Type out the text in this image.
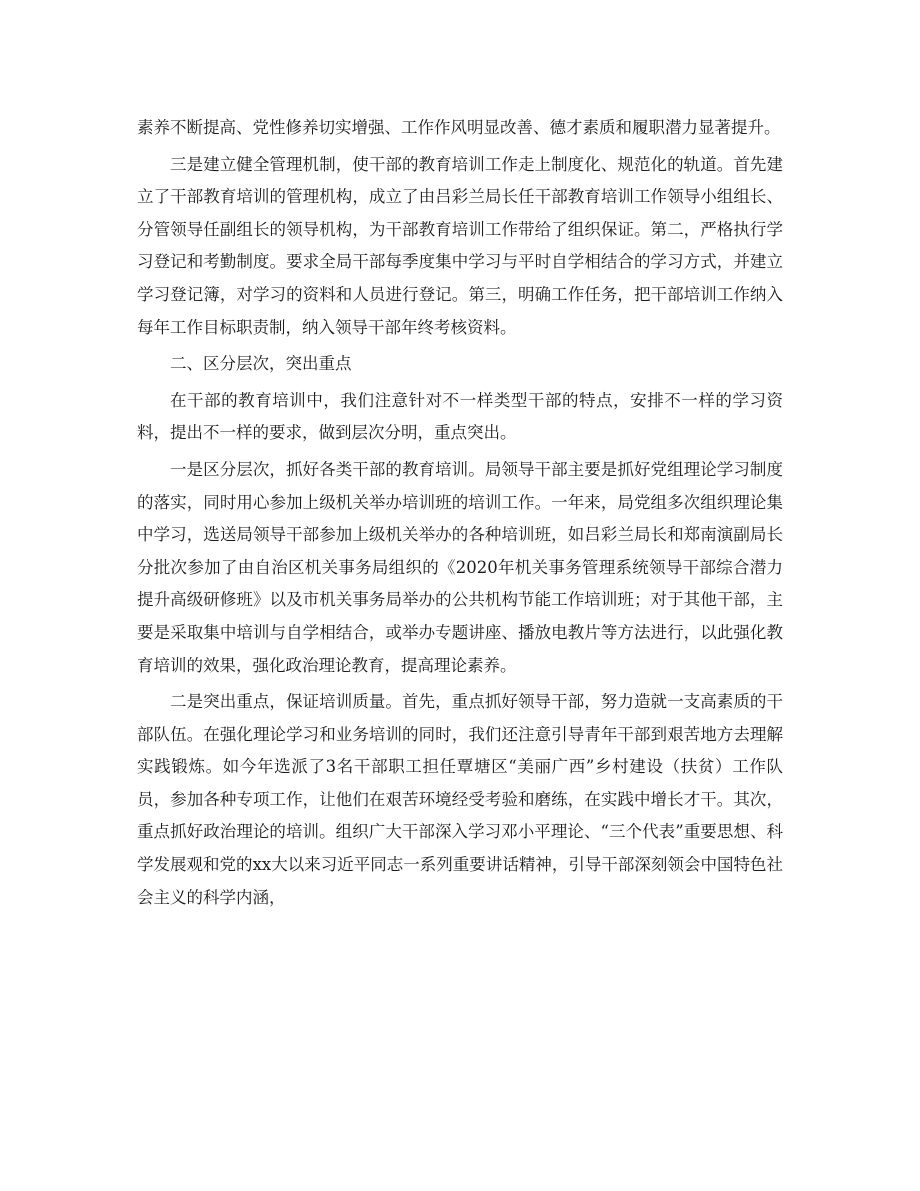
素养不断提高、党性修养切实增强、工作作风明显改善、德才素质和履职潜力显著提升。

三是建立健全管理机制，使干部的教育培训工作走上制度化、规范化的轨道。首先建立了干部教育培训的管理机构，成立了由吕彩兰局长任干部教育培训工作领导小组组长、分管领导任副组长的领导机构，为干部教育培训工作带给了组织保证。第二，严格执行学习登记和考勤制度。要求全局干部每季度集中学习与平时自学相结合的学习方式，并建立学习登记簿，对学习的资料和人员进行登记。第三，明确工作任务，把干部培训工作纳入每年工作目标职责制，纳入领导干部年终考核资料。

二、区分层次，突出重点

在干部的教育培训中，我们注意针对不一样类型干部的特点，安排不一样的学习资料，提出不一样的要求，做到层次分明，重点突出。

一是区分层次，抓好各类干部的教育培训。局领导干部主要是抓好党组理论学习制度的落实，同时用心参加上级机关举办培训班的培训工作。一年来，局党组多次组织理论集中学习，选送局领导干部参加上级机关举办的各种培训班，如吕彩兰局长和郑南演副局长分批次参加了由自治区机关事务局组织的《2020年机关事务管理系统领导干部综合潜力提升高级研修班》以及市机关事务局举办的公共机构节能工作培训班；对于其他干部，主要是采取集中培训与自学相结合，或举办专题讲座、播放电教片等方法进行，以此强化教育培训的效果，强化政治理论教育，提高理论素养。

二是突出重点，保证培训质量。首先，重点抓好领导干部，努力造就一支高素质的干部队伍。在强化理论学习和业务培训的同时，我们还注意引导青年干部到艰苦地方去理解实践锻炼。如今年选派了3名干部职工担任覃塘区“美丽广西”乡村建设（扶贫）工作队员，参加各种专项工作，让他们在艰苦环境经受考验和磨练，在实践中增长才干。其次，重点抓好政治理论的培训。组织广大干部深入学习邓小平理论、“三个代表”重要思想、科学发展观和党的xx大以来习近平同志一系列重要讲话精神，引导干部深刻领会中国特色社会主义的科学内涵，
